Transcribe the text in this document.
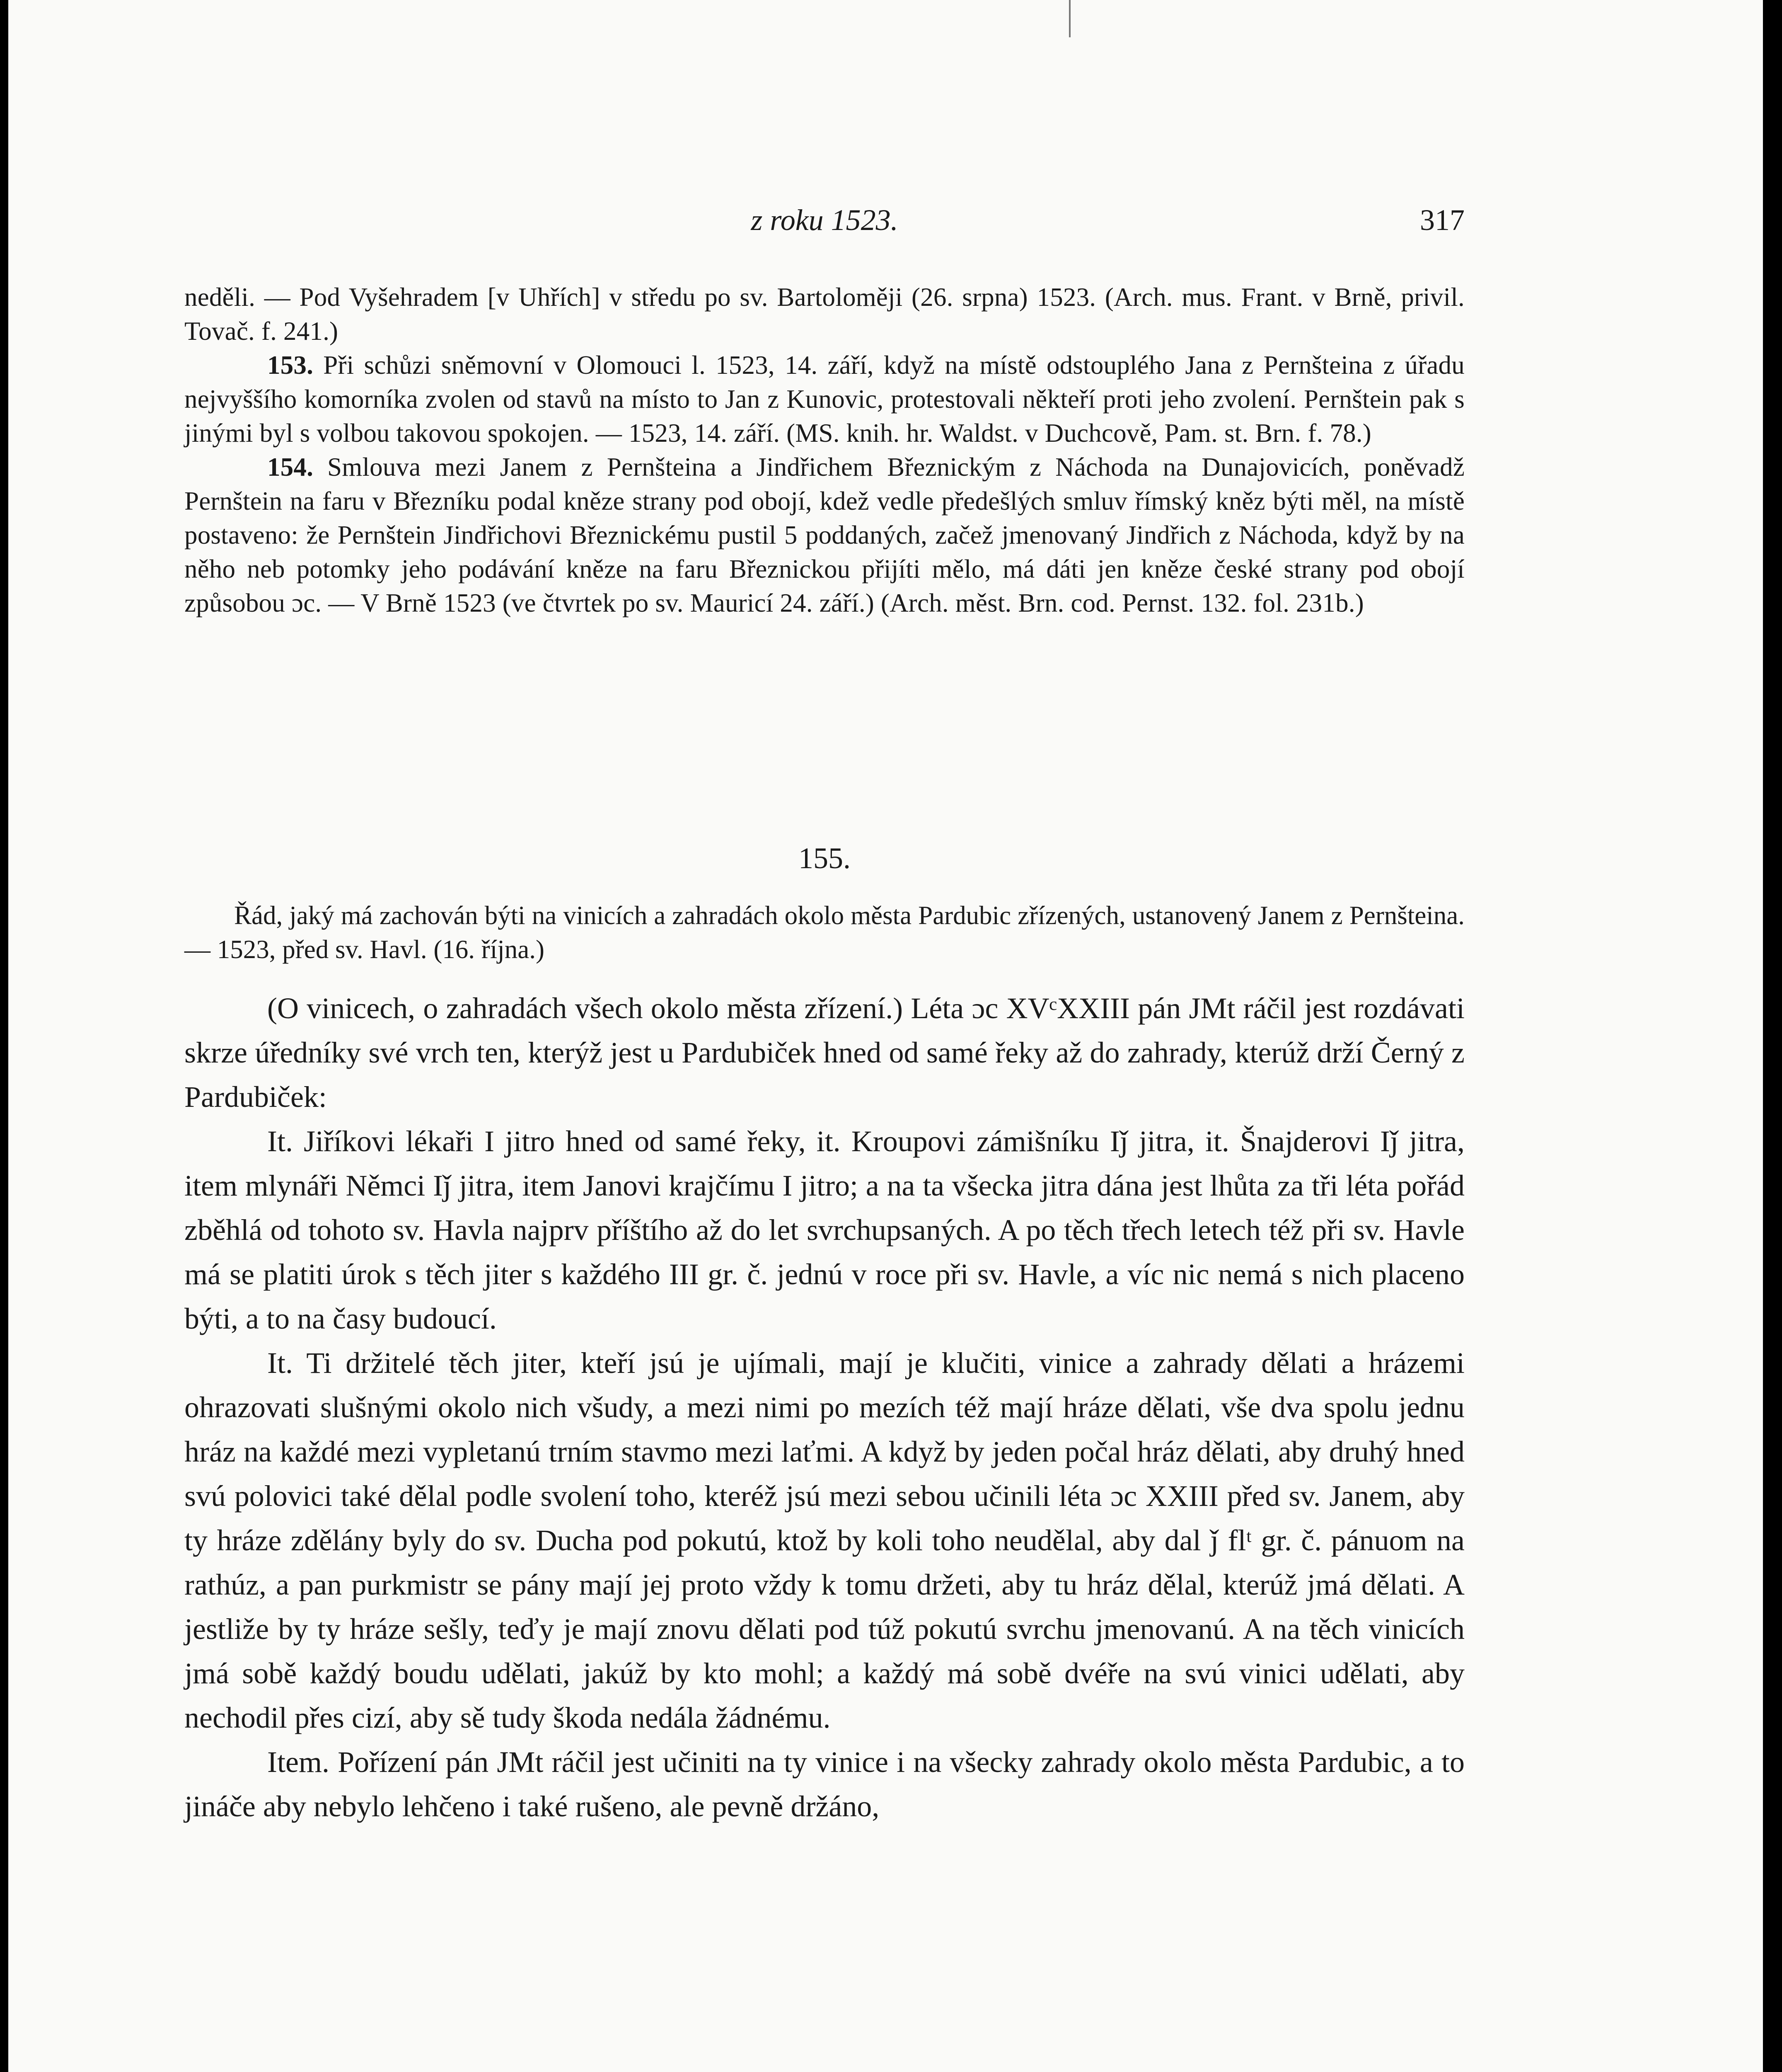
z roku 1523.	317

neděli. — Pod Vyšehradem [v Uhřích] v středu po sv. Bartoloměji (26. srpna) 1523. (Arch. mus. Frant. v Brně, privil. Tovač. f. 241.)

153. Při schůzi sněmovní v Olomouci l. 1523, 14. září, když na místě odstouplého Jana z Pernšteina z úřadu nejvyššího komorníka zvolen od stavů na místo to Jan z Kunovic, protestovali někteří proti jeho zvolení. Pernštein pak s jinými byl s volbou takovou spokojen. — 1523, 14. září. (MS. knih. hr. Waldst. v Duchcově, Pam. st. Brn. f. 78.)

154. Smlouva mezi Janem z Pernšteina a Jindřichem Březnickým z Náchoda na Dunajovicích, poněvadž Pernštein na faru v Březníku podal kněze strany pod obojí, kdež vedle předešlých smluv římský kněz býti měl, na místě postaveno: že Pernštein Jindřichovi Březnickému pustil 5 poddaných, začež jmenovaný Jindřich z Náchoda, když by na něho neb potomky jeho podávání kněze na faru Březnickou přijíti mělo, má dáti jen kněze české strany pod obojí způsobou ɔc. — V Brně 1523 (ve čtvrtek po sv. Mauricí 24. září.) (Arch. měst. Brn. cod. Pernst. 132. fol. 231b.)

155.

Řád, jaký má zachován býti na vinicích a zahradách okolo města Pardubic zřízených, ustanovený Janem z Pernšteina. — 1523, před sv. Havl. (16. října.)

(O vinicech, o zahradách všech okolo města zřízení.) Léta ɔc XVᶜXXIII pán JMt ráčil jest rozdávati skrze úředníky své vrch ten, kterýž jest u Pardubiček hned od samé řeky až do zahrady, kterúž drží Černý z Pardubiček:

It. Jiříkovi lékaři I jitro hned od samé řeky, it. Kroupovi zámišníku Iǰ jitra, it. Šnajderovi Iǰ jitra, item mlynáři Němci Iǰ jitra, item Janovi krajčímu I jitro; a na ta všecka jitra dána jest lhůta za tři léta pořád zběhlá od tohoto sv. Havla najprv příštího až do let svrchupsaných. A po těch třech letech též při sv. Havle má se platiti úrok s těch jiter s každého III gr. č. jednú v roce při sv. Havle, a víc nic nemá s nich placeno býti, a to na časy budoucí.

It. Ti držitelé těch jiter, kteří jsú je ujímali, mají je klučiti, vinice a zahrady dělati a hrázemi ohrazovati slušnými okolo nich všudy, a mezi nimi po mezích též mají hráze dělati, vše dva spolu jednu hráz na každé mezi vypletanú trním stavmo mezi laťmi. A když by jeden počal hráz dělati, aby druhý hned svú polovici také dělal podle svolení toho, kteréž jsú mezi sebou učinili léta ɔc XXIII před sv. Janem, aby ty hráze zdělány byly do sv. Ducha pod pokutú, ktož by koli toho neudělal, aby dal ǰ flᵗ gr. č. pánuom na rathúz, a pan purkmistr se pány mají jej proto vždy k tomu držeti, aby tu hráz dělal, kterúž jmá dělati. A jestliže by ty hráze sešly, teďy je mají znovu dělati pod túž pokutú svrchu jmenovanú. A na těch vinicích jmá sobě každý boudu udělati, jakúž by kto mohl; a každý má sobě dvéře na svú vinici udělati, aby nechodil přes cizí, aby sě tudy škoda nedála žádnému.

Item. Pořízení pán JMt ráčil jest učiniti na ty vinice i na všecky zahrady okolo města Pardubic, a to jináče aby nebylo lehčeno i také rušeno, ale pevně držáno,
